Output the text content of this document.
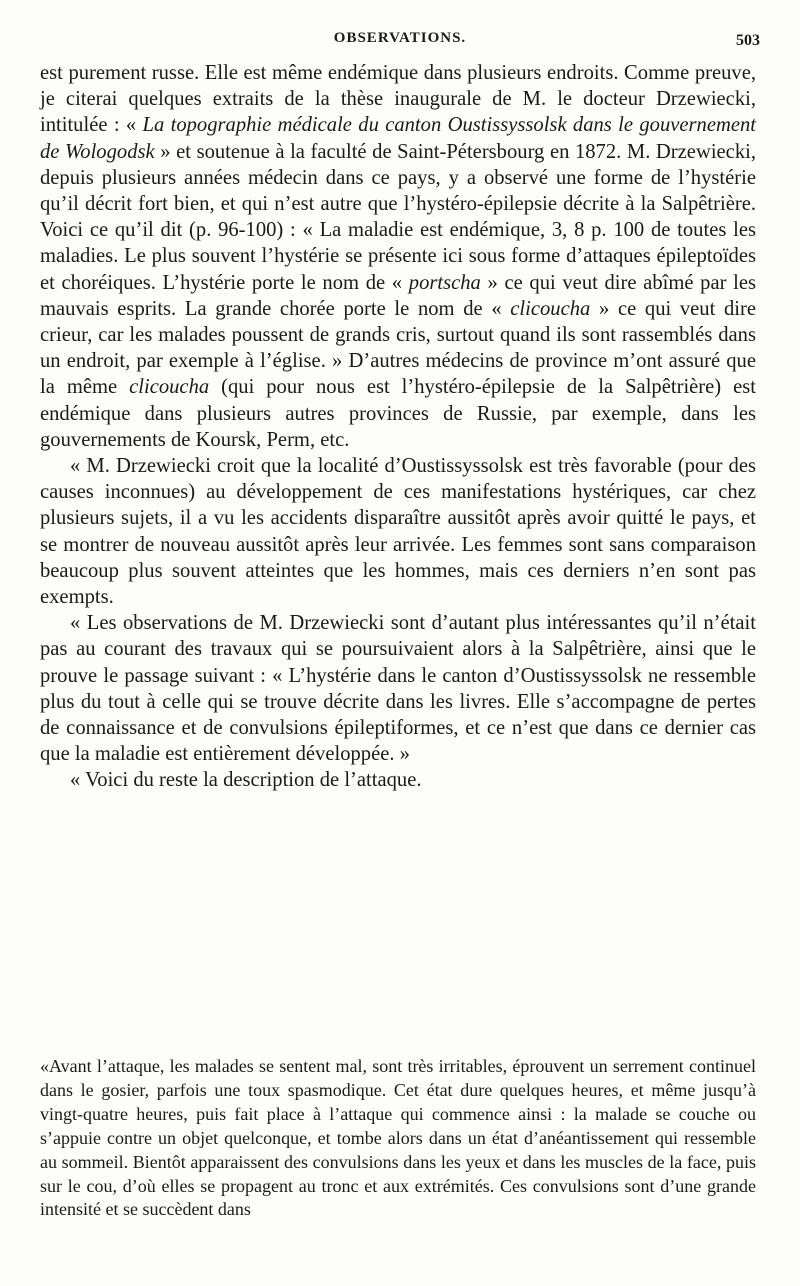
OBSERVATIONS.	503

est purement russe. Elle est même endémique dans plusieurs endroits. Comme preuve, je citerai quelques extraits de la thèse inaugurale de M. le docteur Drzewiecki, intitulée : « La topographie médicale du canton Oustissyssolsk dans le gouvernement de Wologodsk » et soutenue à la faculté de Saint-Pétersbourg en 1872. M. Drzewiecki, depuis plusieurs années médecin dans ce pays, y a observé une forme de l’hystérie qu’il décrit fort bien, et qui n’est autre que l’hystéro-épilepsie décrite à la Salpêtrière. Voici ce qu’il dit (p. 96-100) : « La maladie est endémique, 3, 8 p. 100 de toutes les maladies. Le plus souvent l’hystérie se présente ici sous forme d’attaques épileptoïdes et choréiques. L’hystérie porte le nom de « portscha » ce qui veut dire abîmé par les mauvais esprits. La grande chorée porte le nom de « clicoucha » ce qui veut dire crieur, car les malades poussent de grands cris, surtout quand ils sont rassemblés dans un endroit, par exemple à l’église. » D’autres médecins de province m’ont assuré que la même clicoucha (qui pour nous est l’hystéro-épilepsie de la Salpêtrière) est endémique dans plusieurs autres provinces de Russie, par exemple, dans les gouvernements de Koursk, Perm, etc.

« M. Drzewiecki croit que la localité d’Oustissyssolsk est très favorable (pour des causes inconnues) au développement de ces manifestations hystériques, car chez plusieurs sujets, il a vu les accidents disparaître aussitôt après avoir quitté le pays, et se montrer de nouveau aussitôt après leur arrivée. Les femmes sont sans comparaison beaucoup plus souvent atteintes que les hommes, mais ces derniers n’en sont pas exempts.

« Les observations de M. Drzewiecki sont d’autant plus intéressantes qu’il n’était pas au courant des travaux qui se poursuivaient alors à la Salpêtrière, ainsi que le prouve le passage suivant : « L’hystérie dans le canton d’Oustissyssolsk ne ressemble plus du tout à celle qui se trouve décrite dans les livres. Elle s’accompagne de pertes de connaissance et de convulsions épileptiformes, et ce n’est que dans ce dernier cas que la maladie est entièrement développée. »

« Voici du reste la description de l’attaque.

«Avant l’attaque, les malades se sentent mal, sont très irritables, éprouvent un serrement continuel dans le gosier, parfois une toux spasmodique. Cet état dure quelques heures, et même jusqu’à vingt-quatre heures, puis fait place à l’attaque qui commence ainsi : la malade se couche ou s’appuie contre un objet quelconque, et tombe alors dans un état d’anéantissement qui ressemble au sommeil. Bientôt apparaissent des convulsions dans les yeux et dans les muscles de la face, puis sur le cou, d’où elles se propagent au tronc et aux extrémités. Ces convulsions sont d’une grande intensité et se succèdent dans
